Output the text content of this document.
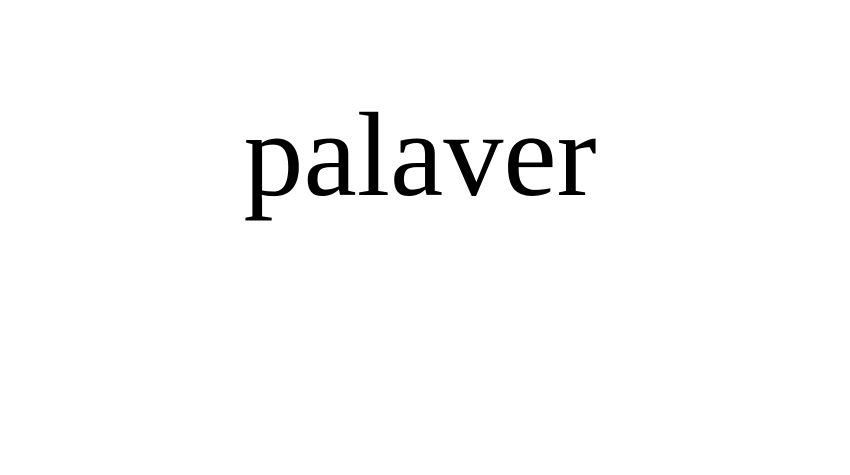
palaver
